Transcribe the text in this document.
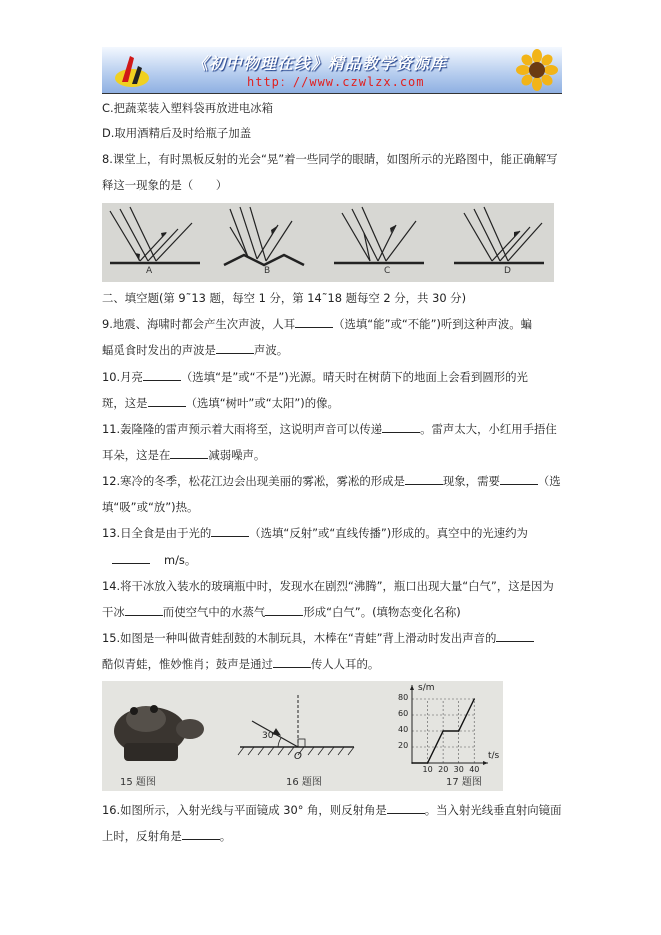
《初中物理在线》精品教学资源库
http：//www.czwlzx.com
C.把蔬菜装入塑料袋再放进电冰箱
D.取用酒精后及时给瓶子加盖
8.课堂上，有时黑板反射的光会“晃”着一些同学的眼睛，如图所示的光路图中，能正确解写
释这一现象的是（　　）
A	B	C	D
二、填空题(第 9˜13 题，每空 1 分，第 14˜18 题每空 2 分，共 30 分)
9.地震、海啸时都会产生次声波，人耳	（选填“能”或“不能”)听到这种声波。蝙
蝠觅食时发出的声波是	声波。
10.月亮	（选填“是”或“不是”)光源。晴天时在树荫下的地面上会看到圆形的光
斑，这是	（选填“树叶”或“太阳”)的像。
11.轰隆隆的雷声预示着大雨将至，这说明声音可以传递	。雷声太大，小红用手捂住
耳朵，这是在	减弱噪声。
12.寒冷的冬季，松花江边会出现美丽的雾凇，雾凇的形成是	现象，需要	（选
填“吸”或“放”)热。
13.日全食是由于光的	（选填“反射”或“直线传播”)形成的。真空中的光速约为
m/s。
14.将干冰放入装水的玻璃瓶中时，发现水在剧烈“沸腾”，瓶口出现大量“白气”，这是因为
干冰	而使空气中的水蒸气	形成“白气”。(填物态变化名称)
15.如图是一种叫做青蛙刮鼓的木制玩具，木棒在“青蛙”背上滑动时发出声音的
酷似青蛙，惟妙惟肖；鼓声是通过	传人人耳的。
30°
O
s/m
t/s
20
40
60
80
10 20 30 40
15 题图	16 题图	17 题图
16.如图所示，入射光线与平面镜成 30° 角，则反射角是	。当入射光线垂直射向镜面
上时，反射角是	。
